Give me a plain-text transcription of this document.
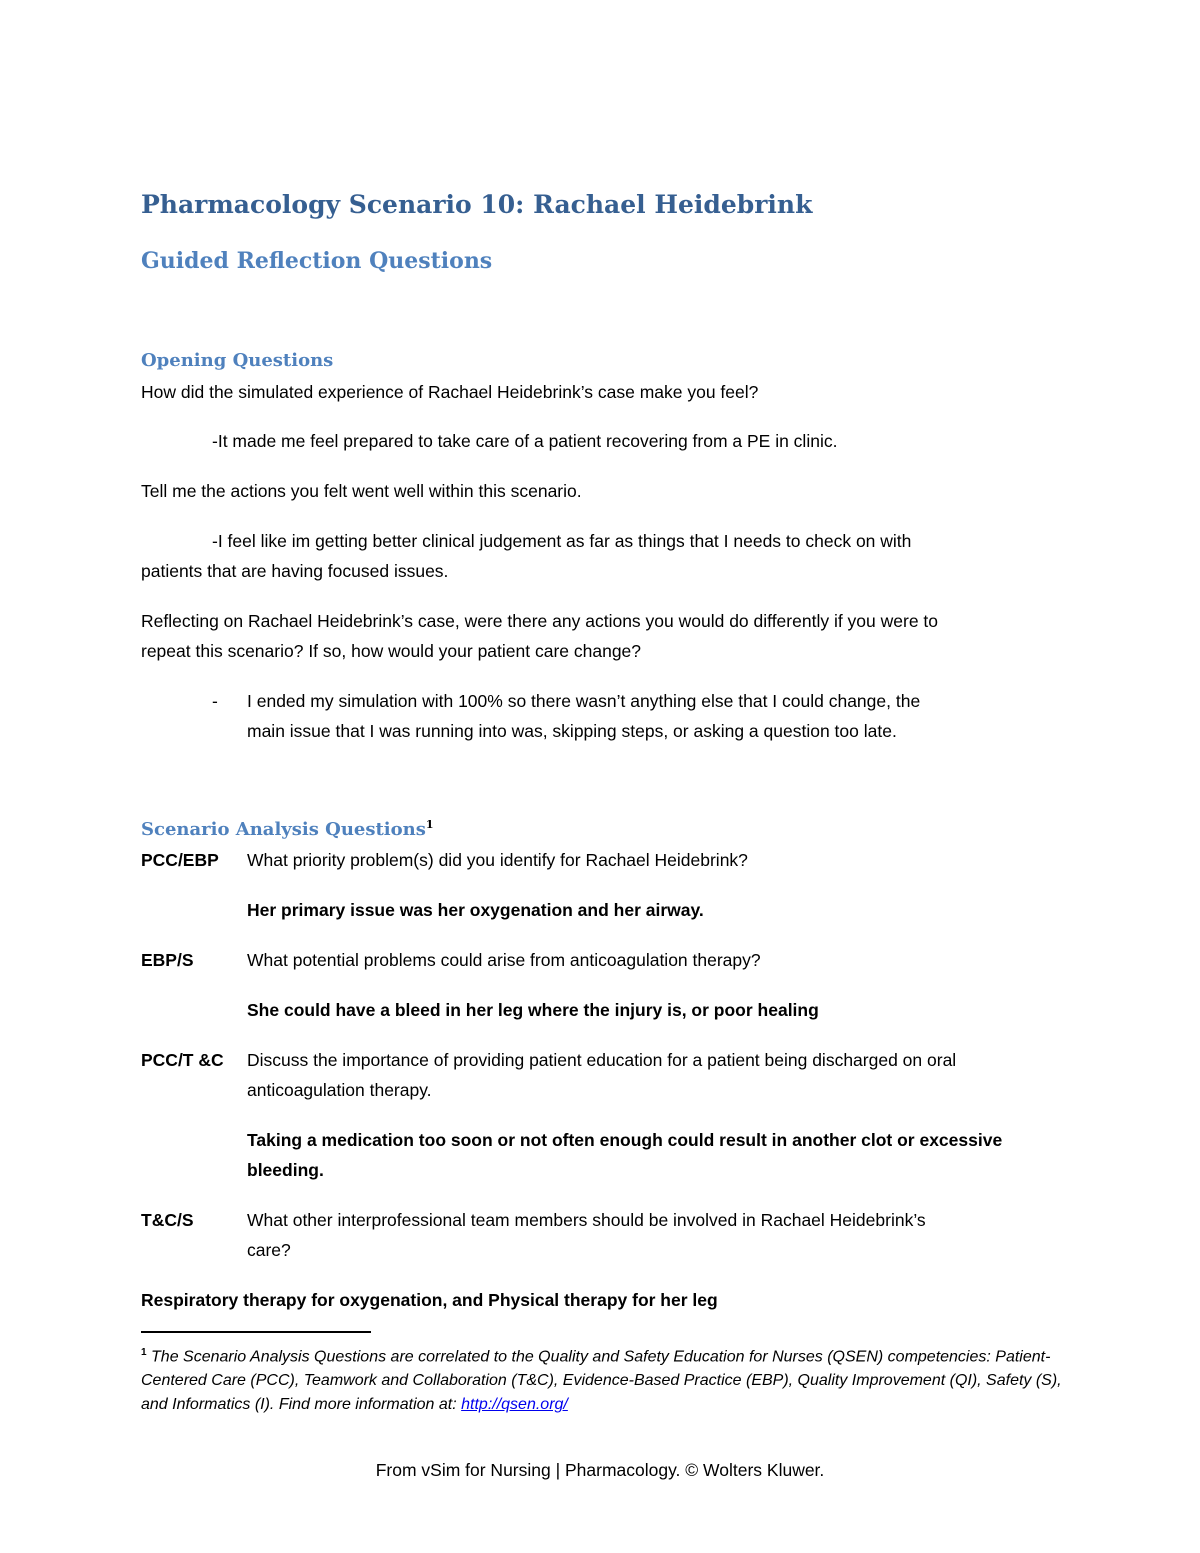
Pharmacology Scenario 10: Rachael Heidebrink
Guided Reflection Questions
Opening Questions
How did the simulated experience of Rachael Heidebrink’s case make you feel?
-It made me feel prepared to take care of a patient recovering from a PE in clinic.
Tell me the actions you felt went well within this scenario.
-I feel like im getting better clinical judgement as far as things that I needs to check on with
patients that are having focused issues.
Reflecting on Rachael Heidebrink’s case, were there any actions you would do differently if you were to
repeat this scenario? If so, how would your patient care change?
- I ended my simulation with 100% so there wasn’t anything else that I could change, the
main issue that I was running into was, skipping steps, or asking a question too late.
Scenario Analysis Questions$^1$
PCC/EBP What priority problem(s) did you identify for Rachael Heidebrink?
Her primary issue was her oxygenation and her airway.
EBP/S	What potential problems could arise from anticoagulation therapy?
She could have a bleed in her leg where the injury is, or poor healing
PCC/T &C Discuss the importance of providing patient education for a patient being discharged on oral
anticoagulation therapy.
Taking a medication too soon or not often enough could result in another clot or excessive
bleeding.
T&C/S	What other interprofessional team members should be involved in Rachael Heidebrink’s
care?
Respiratory therapy for oxygenation, and Physical therapy for her leg
$^1$ The Scenario Analysis Questions are correlated to the Quality and Safety Education for Nurses (QSEN) competencies: Patient-Centered Care (PCC), Teamwork and Collaboration (T&C), Evidence-Based Practice (EBP), Quality Improvement (QI), Safety (S), and Informatics (I). Find more information at: http://qsen.org/
From vSim for Nursing | Pharmacology. © Wolters Kluwer.
